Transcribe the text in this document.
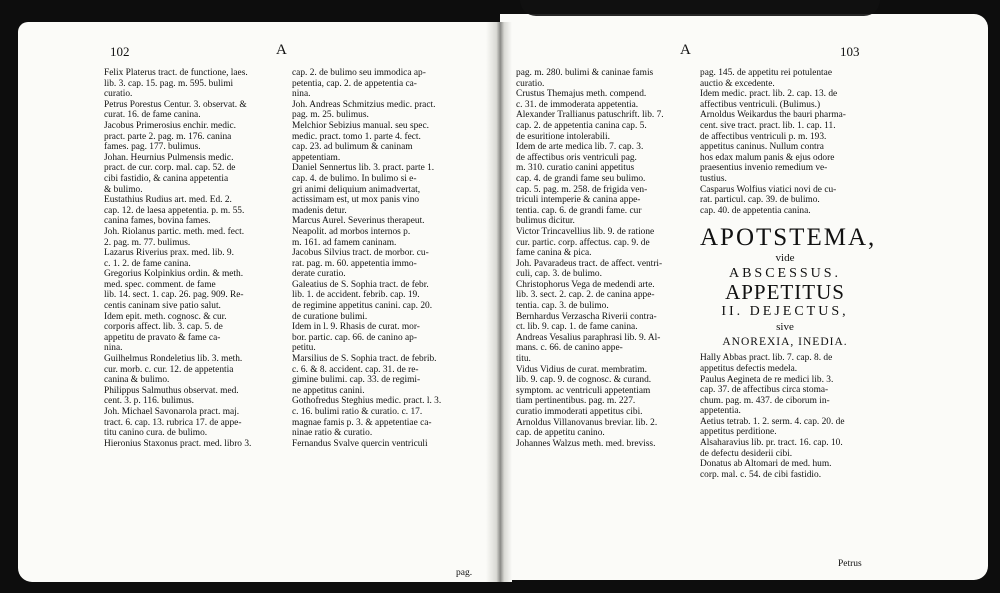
102	A
Felix Platerus tract. de functione, laes.
lib. 3. cap. 15. pag. m. 595. bulimi
curatio.
Petrus Porestus Centur. 3. observat. &
curat. 16. de fame canina.
Jacobus Primerosius enchir. medic.
pract. parte 2. pag. m. 176. canina
fames. pag. 177. bulimus.
Johan. Heurnius Pulmensis medic.
pract. de cur. corp. mal. cap. 52. de
cibi fastidio, & canina appetentia
& bulimo.
Eustathius Rudius art. med. Ed. 2.
cap. 12. de laesa appetentia. p. m. 55.
canina fames, bovina fames.
Joh. Riolanus partic. meth. med. fect.
2. pag. m. 77. bulimus.
Lazarus Riverius prax. med. lib. 9.
c. 1. 2. de fame canina.
Gregorius Kolpinkius ordin. & meth.
med. spec. comment. de fame
lib. 14. sect. 1. cap. 26. pag. 909. Re-
centis caninam sive patio salut.
Idem epit. meth. cognosc. & cur.
corporis affect. lib. 3. cap. 5. de
appetitu de pravato & fame ca-
nina.
Guilhelmus Rondeletius lib. 3. meth.
cur. morb. c. cur. 12. de appetentia
canina & bulimo.
Philippus Salmuthus observat. med.
cent. 3. p. 116. bulimus.
Joh. Michael Savonarola pract. maj.
tract. 6. cap. 13. rubrica 17. de appe-
titu canino cura. de bulimo.
Hieronius Staxonus pract. med. libro 3.
cap. 2. de bulimo seu immodica ap-
petentia, cap. 2. de appetentia ca-
nina.
Joh. Andreas Schmitzius medic. pract.
pag. m. 25. bulimus.
Melchior Sebizius manual. seu spec.
medic. pract. tomo 1. parte 4. fect.
cap. 23. ad bulimum & caninam
appetentiam.
Daniel Sennertus lib. 3. pract. parte 1.
cap. 4. de bulimo. In bulimo si e-
gri animi deliquium animadvertat,
actissimam est, ut mox panis vino
madenis detur.
Marcus Aurel. Severinus therapeut.
Neapolit. ad morbos internos p.
m. 161. ad famem caninam.
Jacobus Silvius tract. de morbor. cu-
rat. pag. m. 60. appetentia immo-
derate curatio.
Galeatius de S. Sophia tract. de febr.
lib. 1. de accident. febrib. cap. 19.
de regimine appetitus canini. cap. 20.
de curatione bulimi.
Idem in l. 9. Rhasis de curat. mor-
bor. partic. cap. 66. de canino ap-
petitu.
Marsilius de S. Sophia tract. de febrib.
c. 6. & 8. accident. cap. 31. de re-
gimine bulimi. cap. 33. de regimi-
ne appetitus canini.
Gothofredus Steghius medic. pract. l. 3.
c. 16. bulimi ratio & curatio. c. 17.
magnae famis p. 3. & appetentiae ca-
ninae ratio & curatio.
Fernandus Svalve quercin ventriculi
pag.
A	103
pag. m. 280. bulimi & caninae famis
curatio.
Crustus Themajus meth. compend.
c. 31. de immoderata appetentia.
Alexander Trallianus patuschrift. lib. 7.
cap. 2. de appetentia canina cap. 5.
de esuritione intolerabili.
Idem de arte medica lib. 7. cap. 3.
de affectibus oris ventriculi pag.
m. 310. curatio canini appetitus
cap. 4. de grandi fame seu bulimo.
cap. 5. pag. m. 258. de frigida ven-
triculi intemperie & canina appe-
tentia. cap. 6. de grandi fame. cur
bulimus dicitur.
Victor Trincavellius lib. 9. de ratione
cur. partic. corp. affectus. cap. 9. de
fame canina & pica.
Joh. Pavaradeus tract. de affect. ventri-
culi, cap. 3. de bulimo.
Christophorus Vega de medendi arte.
lib. 3. sect. 2. cap. 2. de canina appe-
tentia. cap. 3. de bulimo.
Bernhardus Verzascha Riverii contra-
ct. lib. 9. cap. 1. de fame canina.
Andreas Vesalius paraphrasi lib. 9. Al-
mans. c. 66. de canino appe-
titu.
Vidus Vidius de curat. membratim.
lib. 9. cap. 9. de cognosc. & curand.
symptom. ac ventriculi appetentiam
tiam pertinentibus. pag. m. 227.
curatio immoderati appetitus cibi.
Arnoldus Villanovanus breviar. lib. 2.
cap. de appetitu canino.
Johannes Walzus meth. med. breviss.
pag. 145. de appetitu rei potulentae
auctio & excedente.
Idem medic. pract. lib. 2. cap. 13. de
affectibus ventriculi. (Bulimus.)
Arnoldus Weikardus the bauri pharma-
cent. sive tract. pract. lib. 1. cap. 11.
de affectibus ventriculi p. m. 193.
appetitus caninus. Nullum contra
hos edax malum panis & ejus odore
praesentius invenio remedium ve-
tustius.
Casparus Wolfius viatici novi de cu-
rat. particul. cap. 39. de bulimo.
cap. 40. de appetentia canina.
APOTSTEMA,
vide
ABSCESSUS.
APPETITUS
II. DEJECTUS,
sive
ANOREXIA, INEDIA.
Hally Abbas pract. lib. 7. cap. 8. de
appetitus defectis medela.
Paulus Aegineta de re medici lib. 3.
cap. 37. de affectibus circa stoma-
chum. pag. m. 437. de ciborum in-
appetentia.
Aetius tetrab. 1. 2. serm. 4. cap. 20. de
appetitus perditione.
Alsaharavius lib. pr. tract. 16. cap. 10.
de defectu desiderii cibi.
Donatus ab Altomari de med. hum.
corp. mal. c. 54. de cibi fastidio.
Petrus
